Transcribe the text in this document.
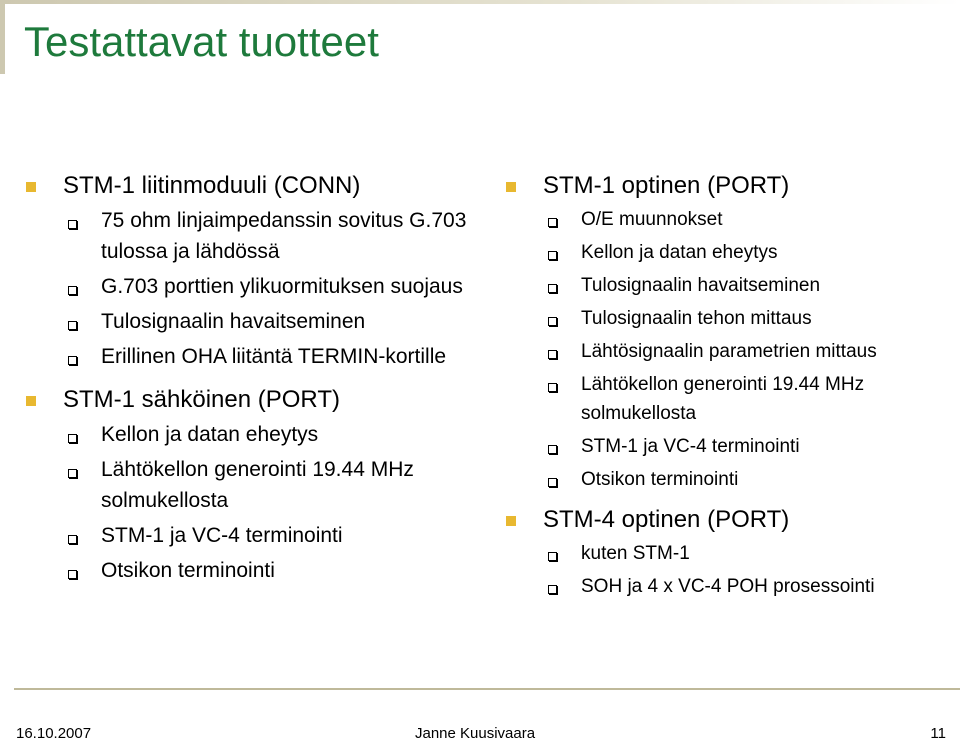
Testattavat tuotteet
STM-1 liitinmoduuli (CONN)
75 ohm linjaimpedanssin sovitus G.703 tulossa ja lähdössä
G.703 porttien ylikuormituksen suojaus
Tulosignaalin havaitseminen
Erillinen OHA liitäntä TERMIN-kortille
STM-1 sähköinen (PORT)
Kellon ja datan eheytys
Lähtökellon generointi 19.44 MHz solmukellosta
STM-1 ja VC-4 terminointi
Otsikon terminointi
STM-1 optinen (PORT)
O/E muunnokset
Kellon ja datan eheytys
Tulosignaalin havaitseminen
Tulosignaalin tehon mittaus
Lähtösignaalin parametrien mittaus
Lähtökellon generointi 19.44 MHz solmukellosta
STM-1 ja VC-4 terminointi
Otsikon terminointi
STM-4 optinen (PORT)
kuten STM-1
SOH ja 4 x VC-4 POH prosessointi
16.10.2007	Janne Kuusivaara	11
